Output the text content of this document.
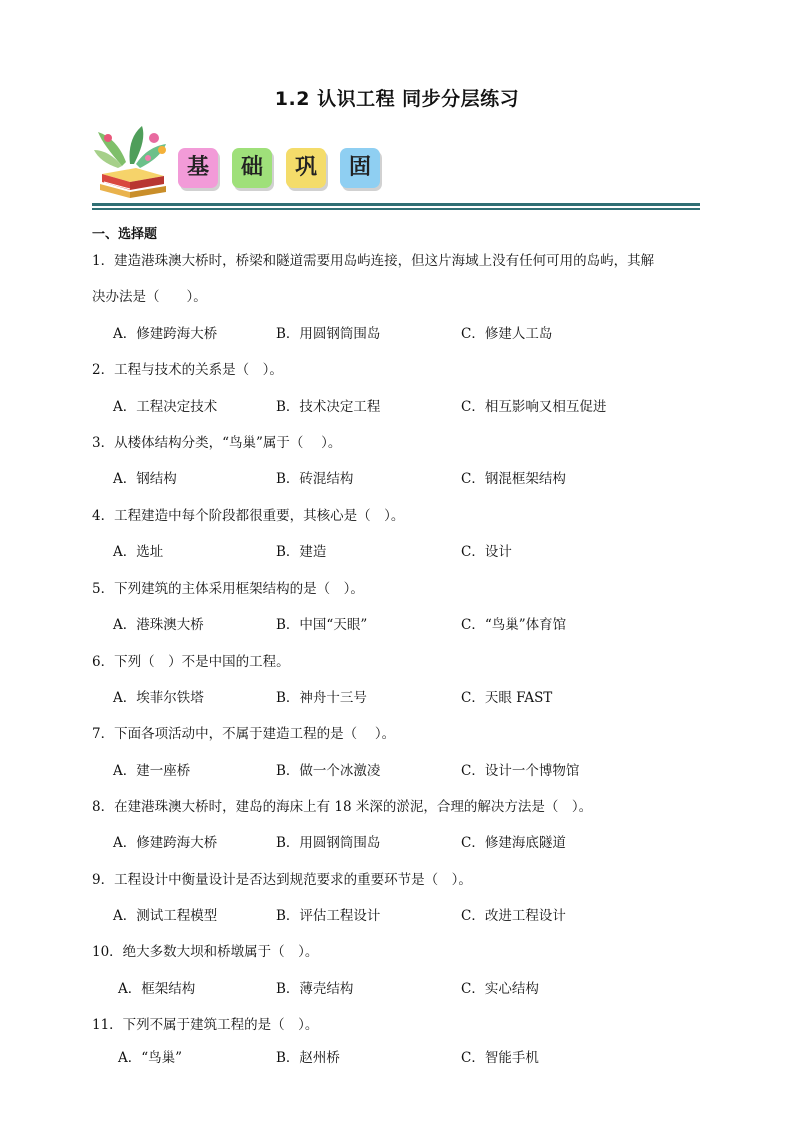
1.2 认识工程 同步分层练习
基	础	巩	固
一、选择题
1．建造港珠澳大桥时，桥梁和隧道需要用岛屿连接，但这片海域上没有任何可用的岛屿，其解
决办法是（　　）。
A．修建跨海大桥	B．用圆钢筒围岛	C．修建人工岛
2．工程与技术的关系是（　）。
A．工程决定技术	B．技术决定工程	C．相互影响又相互促进
3．从楼体结构分类，“鸟巢”属于（　 ）。
A．钢结构	B．砖混结构	C．钢混框架结构
4．工程建造中每个阶段都很重要，其核心是（　）。
A．选址	B．建造	C．设计
5．下列建筑的主体采用框架结构的是（　）。
A．港珠澳大桥	B．中国“天眼”	C．“鸟巢”体育馆
6．下列（　）不是中国的工程。
A．埃菲尔铁塔	B．神舟十三号	C．天眼 FAST
7．下面各项活动中，不属于建造工程的是（　 ）。
A．建一座桥	B．做一个冰激凌	C．设计一个博物馆
8．在建港珠澳大桥时，建岛的海床上有 18 米深的淤泥，合理的解决方法是（　）。
A．修建跨海大桥	B．用圆钢筒围岛	C．修建海底隧道
9．工程设计中衡量设计是否达到规范要求的重要环节是（　）。
A．测试工程模型	B．评估工程设计	C．改进工程设计
10．绝大多数大坝和桥墩属于（　）。
A．框架结构	B．薄壳结构	C．实心结构
11．下列不属于建筑工程的是（　）。
A．“鸟巢”	B．赵州桥	C．智能手机
